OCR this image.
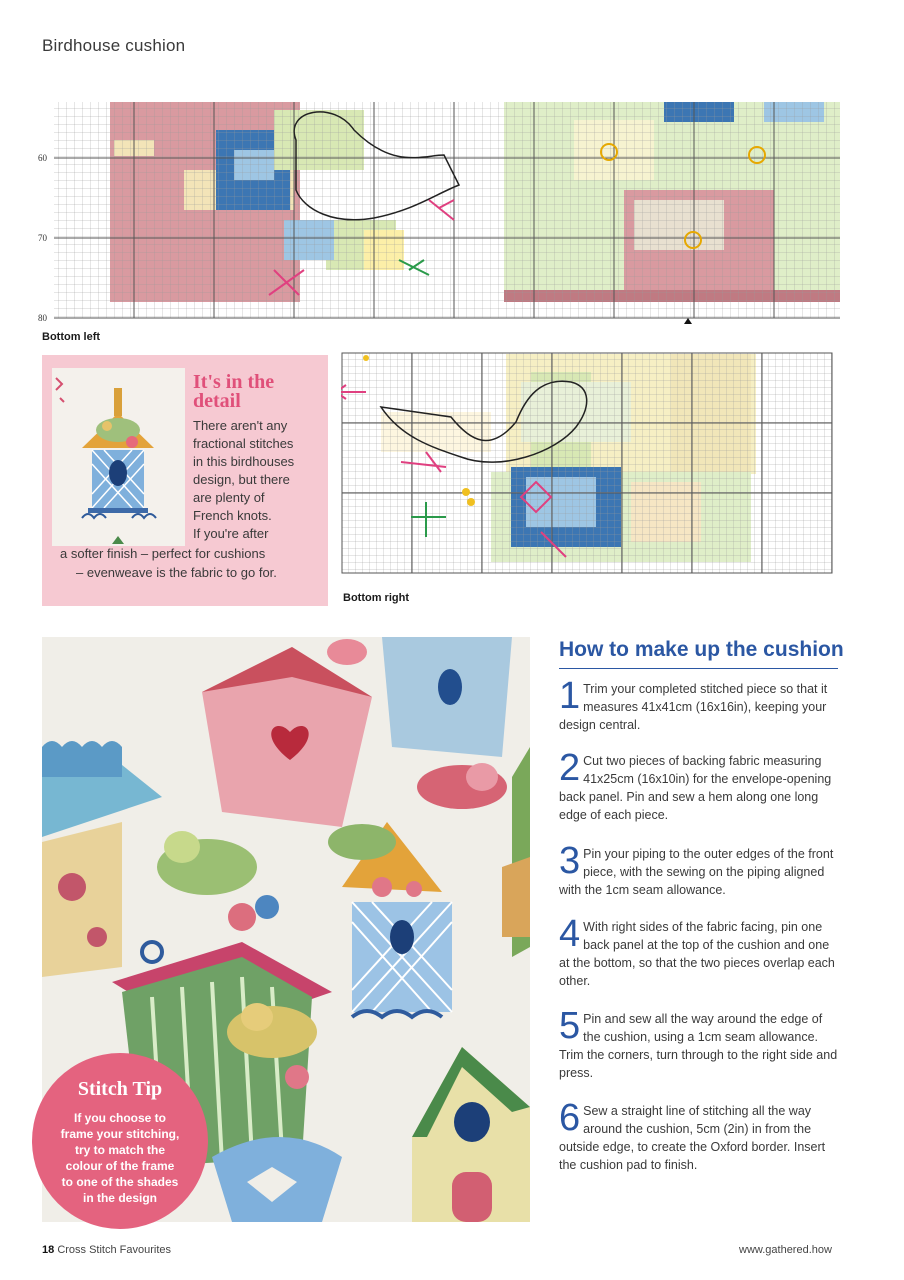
Birdhouse cushion
60
70
80
Bottom left
It's in the detail
There aren't any
fractional stitches
in this birdhouses
design, but there
are plenty of
French knots.
If you're after
a softer finish – perfect for cushions
– evenweave is the fabric to go for.
Bottom right
Stitch Tip
If you choose to
frame your stitching,
try to match the
colour of the frame
to one of the shades
in the design
How to make up the cushion
1 Trim your completed stitched piece so that it measures 41x41cm (16x16in), keeping your design central.
2 Cut two pieces of backing fabric measuring 41x25cm (16x10in) for the envelope-opening back panel. Pin and sew a hem along one long edge of each piece.
3 Pin your piping to the outer edges of the front piece, with the sewing on the piping aligned with the 1cm seam allowance.
4 With right sides of the fabric facing, pin one back panel at the top of the cushion and one at the bottom, so that the two pieces overlap each other.
5 Pin and sew all the way around the edge of the cushion, using a 1cm seam allowance. Trim the corners, turn through to the right side and press.
6 Sew a straight line of stitching all the way around the cushion, 5cm (2in) in from the outside edge, to create the Oxford border. Insert the cushion pad to finish.
18 Cross Stitch Favourites	www.gathered.how
